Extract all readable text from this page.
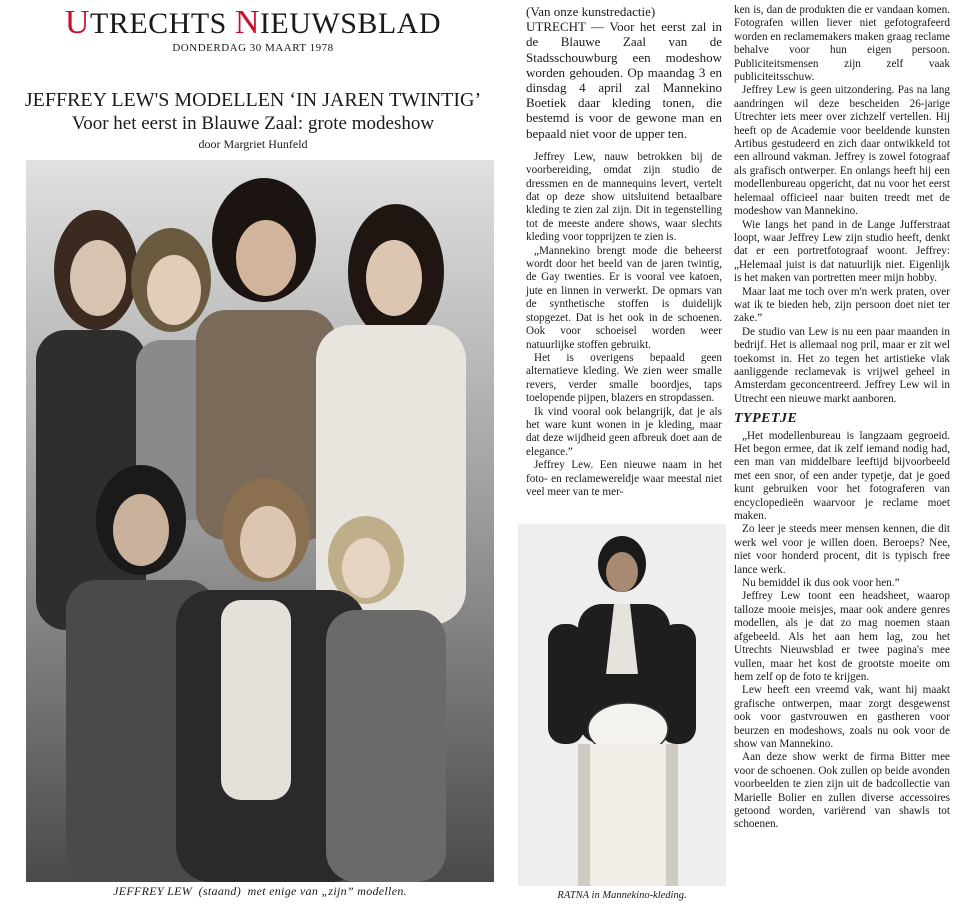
UTRECHTS NIEUWSBLAD
DONDERDAG 30 MAART 1978
JEFFREY LEW'S MODELLEN ‘IN JAREN TWINTIG’
Voor het eerst in Blauwe Zaal: grote modeshow
door Margriet Hunfeld
JEFFREY LEW  (staand)  met enige van „zijn” modellen.

(Van onze kunstredactie)

UTRECHT — Voor het eerst zal in de Blauwe Zaal van de Stadsschouwburg een modeshow worden gehouden. Op maandag 3 en dinsdag 4 april zal Mannekino Boetiek daar kleding tonen, die bestemd is voor de gewone man en bepaald niet voor de upper ten.

Jeffrey Lew, nauw betrokken bij de voorbereiding, omdat zijn studio de dressmen en de mannequins levert, vertelt dat op deze show uitsluitend betaalbare kleding te zien zal zijn. Dit in tegenstelling tot de meeste andere shows, waar slechts kleding voor topprijzen te zien is.

„Mannekino brengt mode die beheerst wordt door het beeld van de jaren twintig, de Gay twenties. Er is vooral vee katoen, jute en linnen in verwerkt. De opmars van de synthetische stoffen is duidelijk stopgezet. Dat is het ook in de schoenen. Ook voor schoeisel worden weer natuurlijke stoffen gebruikt.

Het is overigens bepaald geen alternatieve kleding. We zien weer smalle revers, verder smalle boordjes, taps toelopende pijpen, blazers en stropdassen.

Ik vind vooral ook belangrijk, dat je als het ware kunt wonen in je kleding, maar dat deze wijdheid geen afbreuk doet aan de elegance.”

Jeffrey Lew. Een nieuwe naam in het foto- en reclamewereldje waar meestal niet veel meer van te mer-

RATNA in Mannekino-kleding.

ken is, dan de produkten die er vandaan komen. Fotografen willen liever niet gefotografeerd worden en reclamemakers maken graag reclame behalve voor hun eigen persoon. Publiciteitsmensen zijn zelf vaak publiciteitsschuw.

Jeffrey Lew is geen uitzondering. Pas na lang aandringen wil deze bescheiden 26-jarige Utrechter iets meer over zichzelf vertellen. Hij heeft op de Academie voor beeldende kunsten Artibus gestudeerd en zich daar ontwikkeld tot een allround vakman. Jeffrey is zowel fotograaf als grafisch ontwerper. En onlangs heeft hij een modellenbureau opgericht, dat nu voor het eerst helemaal officieel naar buiten treedt met de modeshow van Mannekino.

Wie langs het pand in de Lange Jufferstraat loopt, waar Jeffrey Lew zijn studio heeft, denkt dat er een portretfotograaf woont. Jeffrey: „Helemaal juist is dat natuurlijk niet. Eigenlijk is het maken van portretten meer mijn hobby.

Maar laat me toch over m'n werk praten, over wat ik te bieden heb, zijn persoon doet niet ter zake.”

De studio van Lew is nu een paar maanden in bedrijf. Het is allemaal nog pril, maar er zit wel toekomst in. Het zo tegen het artistieke vlak aanliggende reclamevak is vrijwel geheel in Amsterdam geconcentreerd. Jeffrey Lew wil in Utrecht een nieuwe markt aanboren.

TYPETJE

„Het modellenbureau is langzaam gegroeid. Het begon ermee, dat ik zelf iemand nodig had, een man van middelbare leeftijd bijvoorbeeld met een snor, of een ander typetje, dat je goed kunt gebruiken voor het fotograferen van encyclopedieën waarvoor je reclame moet maken.

Zo leer je steeds meer mensen kennen, die dit werk wel voor je willen doen. Beroeps? Nee, niet voor honderd procent, dit is typisch free lance werk.

Nu bemiddel ik dus ook voor hen.”

Jeffrey Lew toont een headsheet, waarop talloze mooie meisjes, maar ook andere genres modellen, als je dat zo mag noemen staan afgebeeld. Als het aan hem lag, zou het Utrechts Nieuwsblad er twee pagina's mee vullen, maar het kost de grootste moeite om hem zelf op de foto te krijgen.

Lew heeft een vreemd vak, want hij maakt grafische ontwerpen, maar zorgt desgewenst ook voor gastvrouwen en gastheren voor beurzen en modeshows, zoals nu ook voor de show van Mannekino.

Aan deze show werkt de firma Bitter mee voor de schoenen. Ook zullen op beide avonden voorbeelden te zien zijn uit de badcollectie van Marielle Bolier en zullen diverse accessoires getoond worden, variërend van shawls tot schoenen.
